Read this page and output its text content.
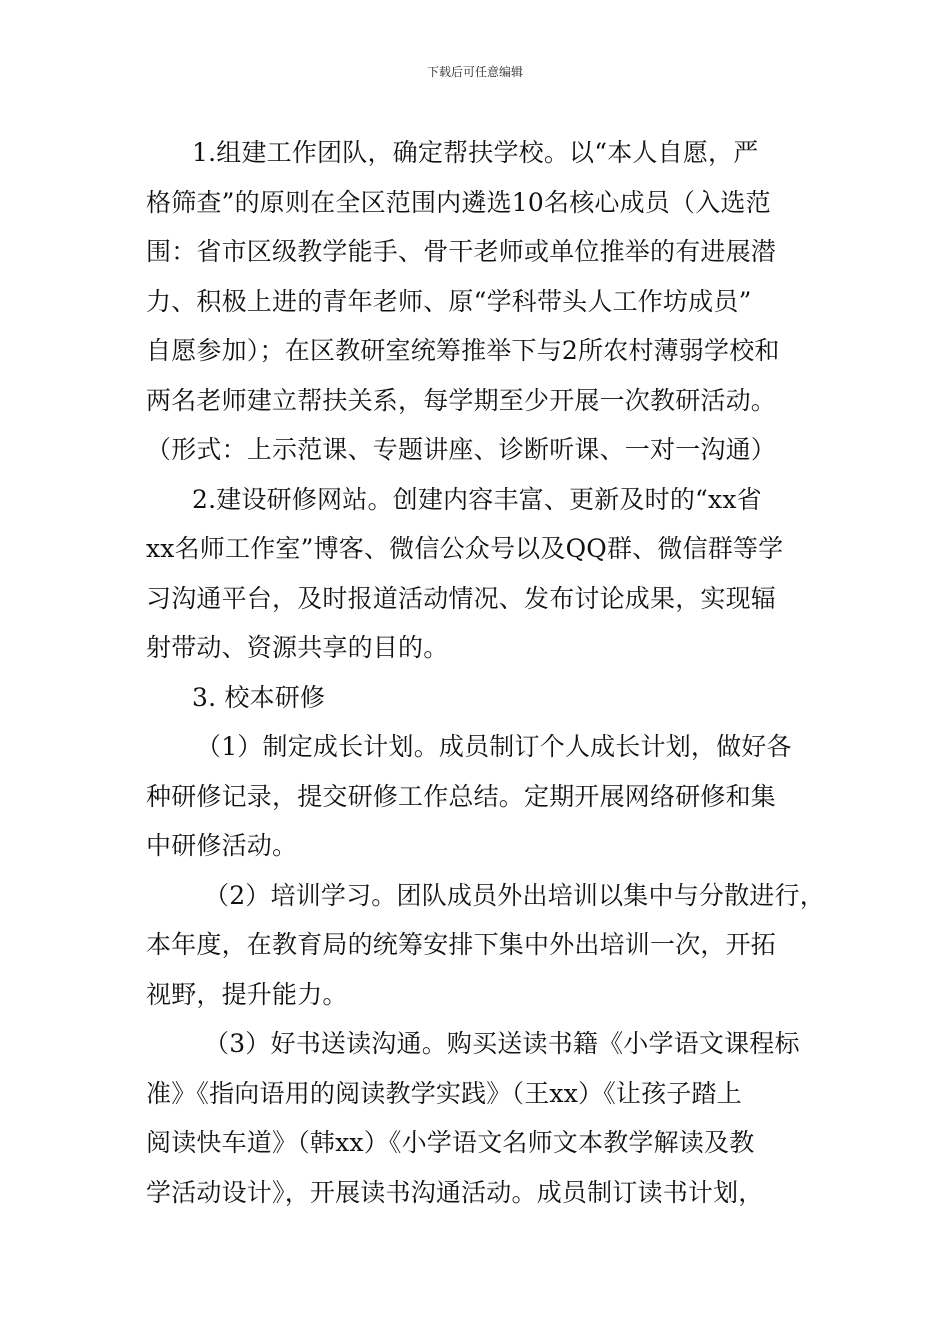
下载后可任意编辑
1.组建工作团队，确定帮扶学校。以“本人自愿，严
格筛查”的原则在全区范围内遴选10名核心成员（入选范
围：省市区级教学能手、骨干老师或单位推举的有进展潜
力、积极上进的青年老师、原“学科带头人工作坊成员”
自愿参加）；在区教研室统筹推举下与2所农村薄弱学校和
两名老师建立帮扶关系，每学期至少开展一次教研活动。
（形式：上示范课、专题讲座、诊断听课、一对一沟通）
2.建设研修网站。创建内容丰富、更新及时的“xx省
xx名师工作室”博客、微信公众号以及QQ群、微信群等学
习沟通平台，及时报道活动情况、发布讨论成果，实现辐
射带动、资源共享的目的。
3. 校本研修
（1）制定成长计划。成员制订个人成长计划，做好各
种研修记录，提交研修工作总结。定期开展网络研修和集
中研修活动。
（2）培训学习。团队成员外出培训以集中与分散进行，
本年度，在教育局的统筹安排下集中外出培训一次，开拓
视野，提升能力。
（3）好书送读沟通。购买送读书籍《小学语文课程标
准》《指向语用的阅读教学实践》（王xx）《让孩子踏上
阅读快车道》（韩xx）《小学语文名师文本教学解读及教
学活动设计》，开展读书沟通活动。成员制订读书计划，
